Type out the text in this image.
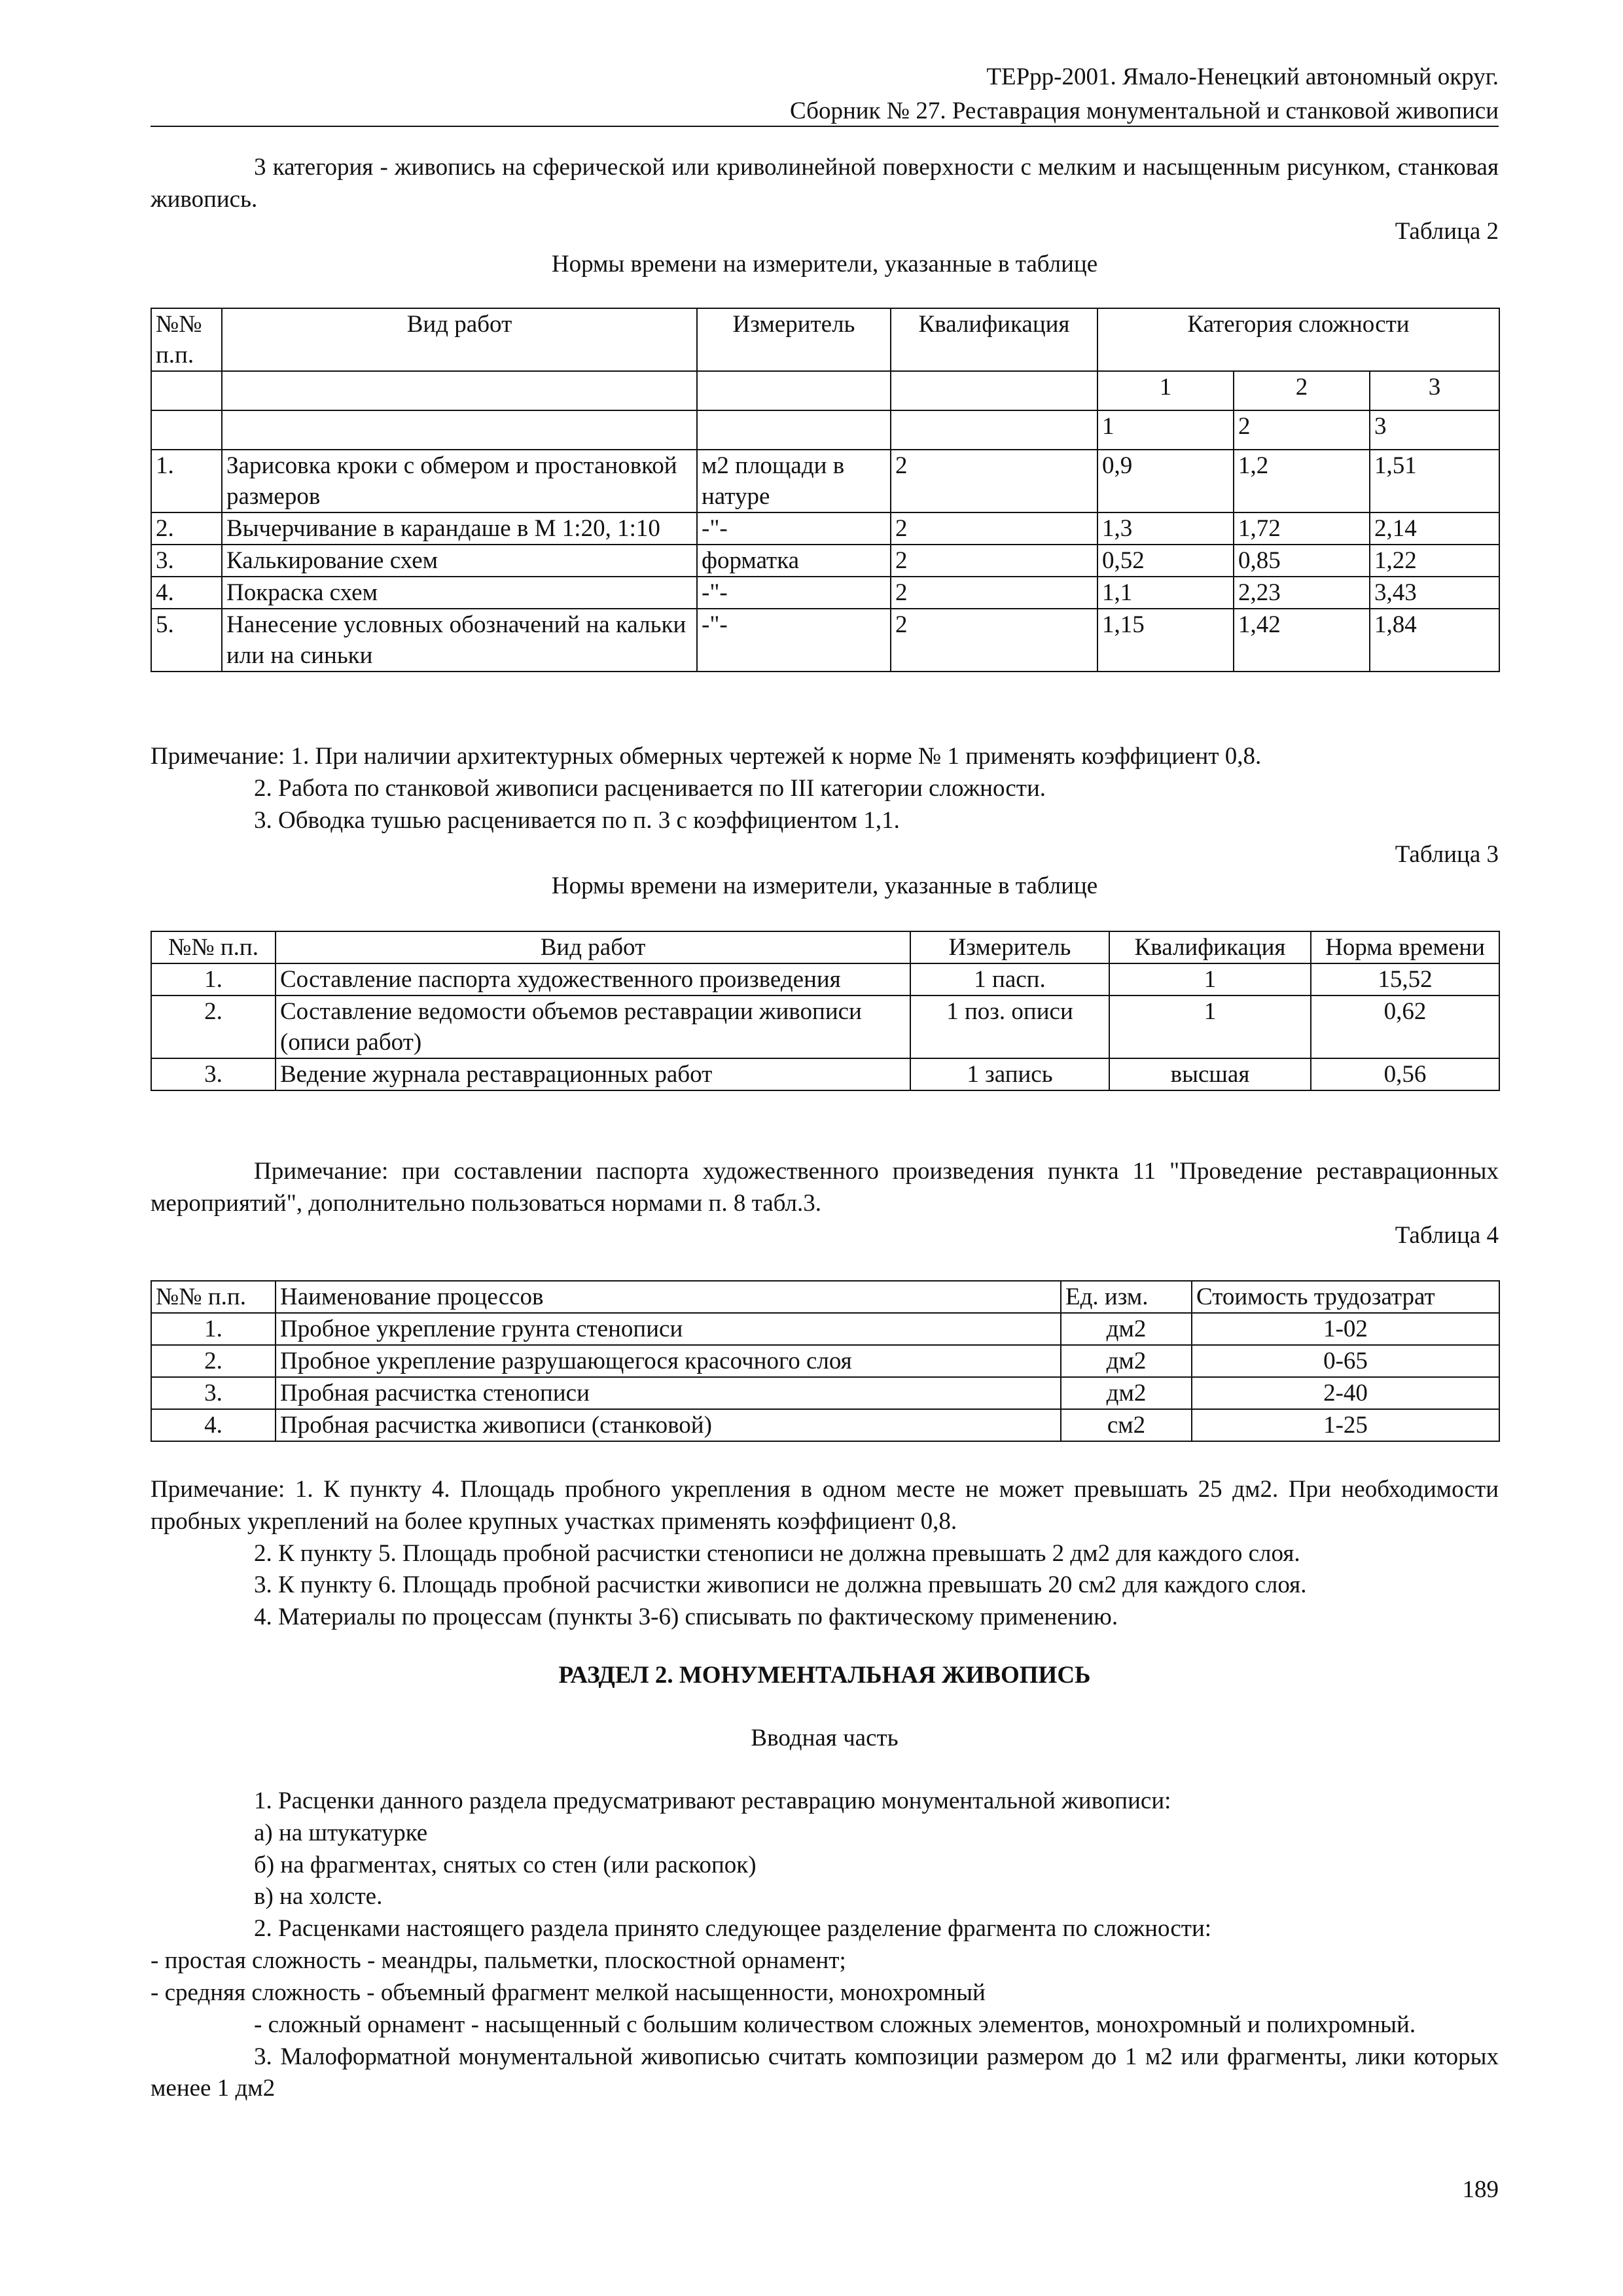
ТЕРрр-2001. Ямало-Ненецкий автономный округ.
Сборник № 27. Реставрация монументальной и станковой живописи
3 категория - живопись на сферической или криволинейной поверхности с мелким и насыщенным рисунком, станковая живопись.
Таблица 2
Нормы времени на измерители, указанные в таблице
№№ п.п.	Вид работ	Измеритель	Квалификация	Категория сложности		
				1	2	3
				1	2	3
1.	Зарисовка кроки с обмером и простановкой размеров	м2 площади в натуре	2	0,9	1,2	1,51
2.	Вычерчивание в карандаше в М 1:20, 1:10	-"-	2	1,3	1,72	2,14
3.	Калькирование схем	форматка	2	0,52	0,85	1,22
4.	Покраска схем	-"-	2	1,1	2,23	3,43
5.	Нанесение условных обозначений на кальки или на синьки	-"-	2	1,15	1,42	1,84

Примечание: 1. При наличии архитектурных обмерных чертежей к норме № 1 применять коэффициент 0,8.

2. Работа по станковой живописи расценивается по III категории сложности.

3. Обводка тушью расценивается по п. 3 с коэффициентом 1,1.

Таблица 3
Нормы времени на измерители, указанные в таблице
№№ п.п.	Вид работ	Измеритель	Квалификация	Норма времени
1.	Составление паспорта художественного произведения	1 пасп.	1	15,52
2.	Составление ведомости объемов реставрации живописи (описи работ)	1 поз. описи	1	0,62
3.	Ведение журнала реставрационных работ	1 запись	высшая	0,56
Примечание: при составлении паспорта художественного произведения пункта 11 "Проведение реставрационных мероприятий", дополнительно пользоваться нормами п. 8 табл.3.
Таблица 4
№№ п.п.	Наименование процессов	Ед. изм.	Стоимость трудозатрат
1.	Пробное укрепление грунта стенописи	дм2	1-02
2.	Пробное укрепление разрушающегося красочного слоя	дм2	0-65
3.	Пробная расчистка стенописи	дм2	2-40
4.	Пробная расчистка живописи (станковой)	см2	1-25

Примечание: 1. К пункту 4. Площадь пробного укрепления в одном месте не может превышать 25 дм2. При необходимости пробных укреплений на более крупных участках применять коэффициент 0,8.

2. К пункту 5. Площадь пробной расчистки стенописи не должна превышать 2 дм2 для каждого слоя.

3. К пункту 6. Площадь пробной расчистки живописи не должна превышать 20 см2 для каждого слоя.

4. Материалы по процессам (пункты 3-6) списывать по фактическому применению.

РАЗДЕЛ 2. МОНУМЕНТАЛЬНАЯ ЖИВОПИСЬ
Вводная часть

1. Расценки данного раздела предусматривают реставрацию монументальной живописи:

а) на штукатурке

б) на фрагментах, снятых со стен (или раскопок)

в) на холсте.

2. Расценками настоящего раздела принято следующее разделение фрагмента по сложности:

- простая сложность - меандры, пальметки, плоскостной орнамент;

- средняя сложность - объемный фрагмент мелкой насыщенности, монохромный

- сложный орнамент - насыщенный с большим количеством сложных элементов, монохромный и полихромный.

3. Малоформатной монументальной живописью считать композиции размером до 1 м2 или фрагменты, лики которых менее 1 дм2

189
